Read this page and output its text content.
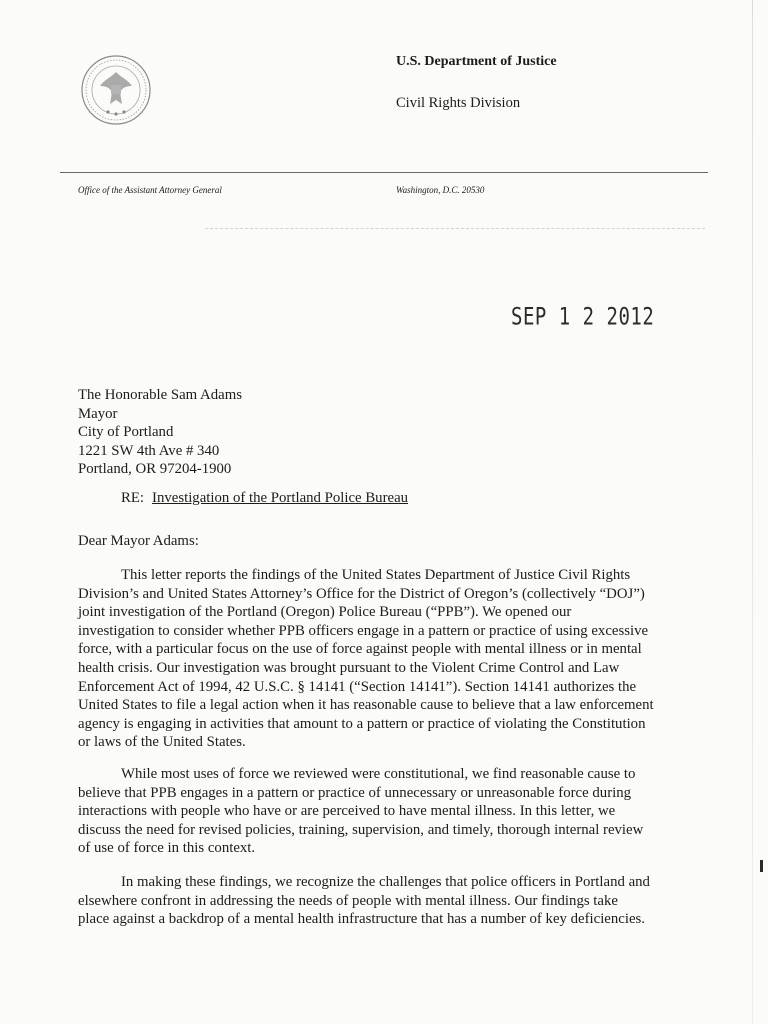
U.S. Department of Justice
Civil Rights Division
Office of the Assistant Attorney General	Washington, D.C. 20530
SEP 1 2 2012
The Honorable Sam Adams
Mayor
City of Portland
1221 SW 4th Ave # 340
Portland, OR 97204-1900
RE: Investigation of the Portland Police Bureau
Dear Mayor Adams:
This letter reports the findings of the United States Department of Justice Civil Rights
Division’s and United States Attorney’s Office for the District of Oregon’s (collectively “DOJ”)
joint investigation of the Portland (Oregon) Police Bureau (“PPB”). We opened our
investigation to consider whether PPB officers engage in a pattern or practice of using excessive
force, with a particular focus on the use of force against people with mental illness or in mental
health crisis. Our investigation was brought pursuant to the Violent Crime Control and Law
Enforcement Act of 1994, 42 U.S.C. § 14141 (“Section 14141”). Section 14141 authorizes the
United States to file a legal action when it has reasonable cause to believe that a law enforcement
agency is engaging in activities that amount to a pattern or practice of violating the Constitution
or laws of the United States.
While most uses of force we reviewed were constitutional, we find reasonable cause to
believe that PPB engages in a pattern or practice of unnecessary or unreasonable force during
interactions with people who have or are perceived to have mental illness. In this letter, we
discuss the need for revised policies, training, supervision, and timely, thorough internal review
of use of force in this context.
In making these findings, we recognize the challenges that police officers in Portland and
elsewhere confront in addressing the needs of people with mental illness. Our findings take
place against a backdrop of a mental health infrastructure that has a number of key deficiencies.
